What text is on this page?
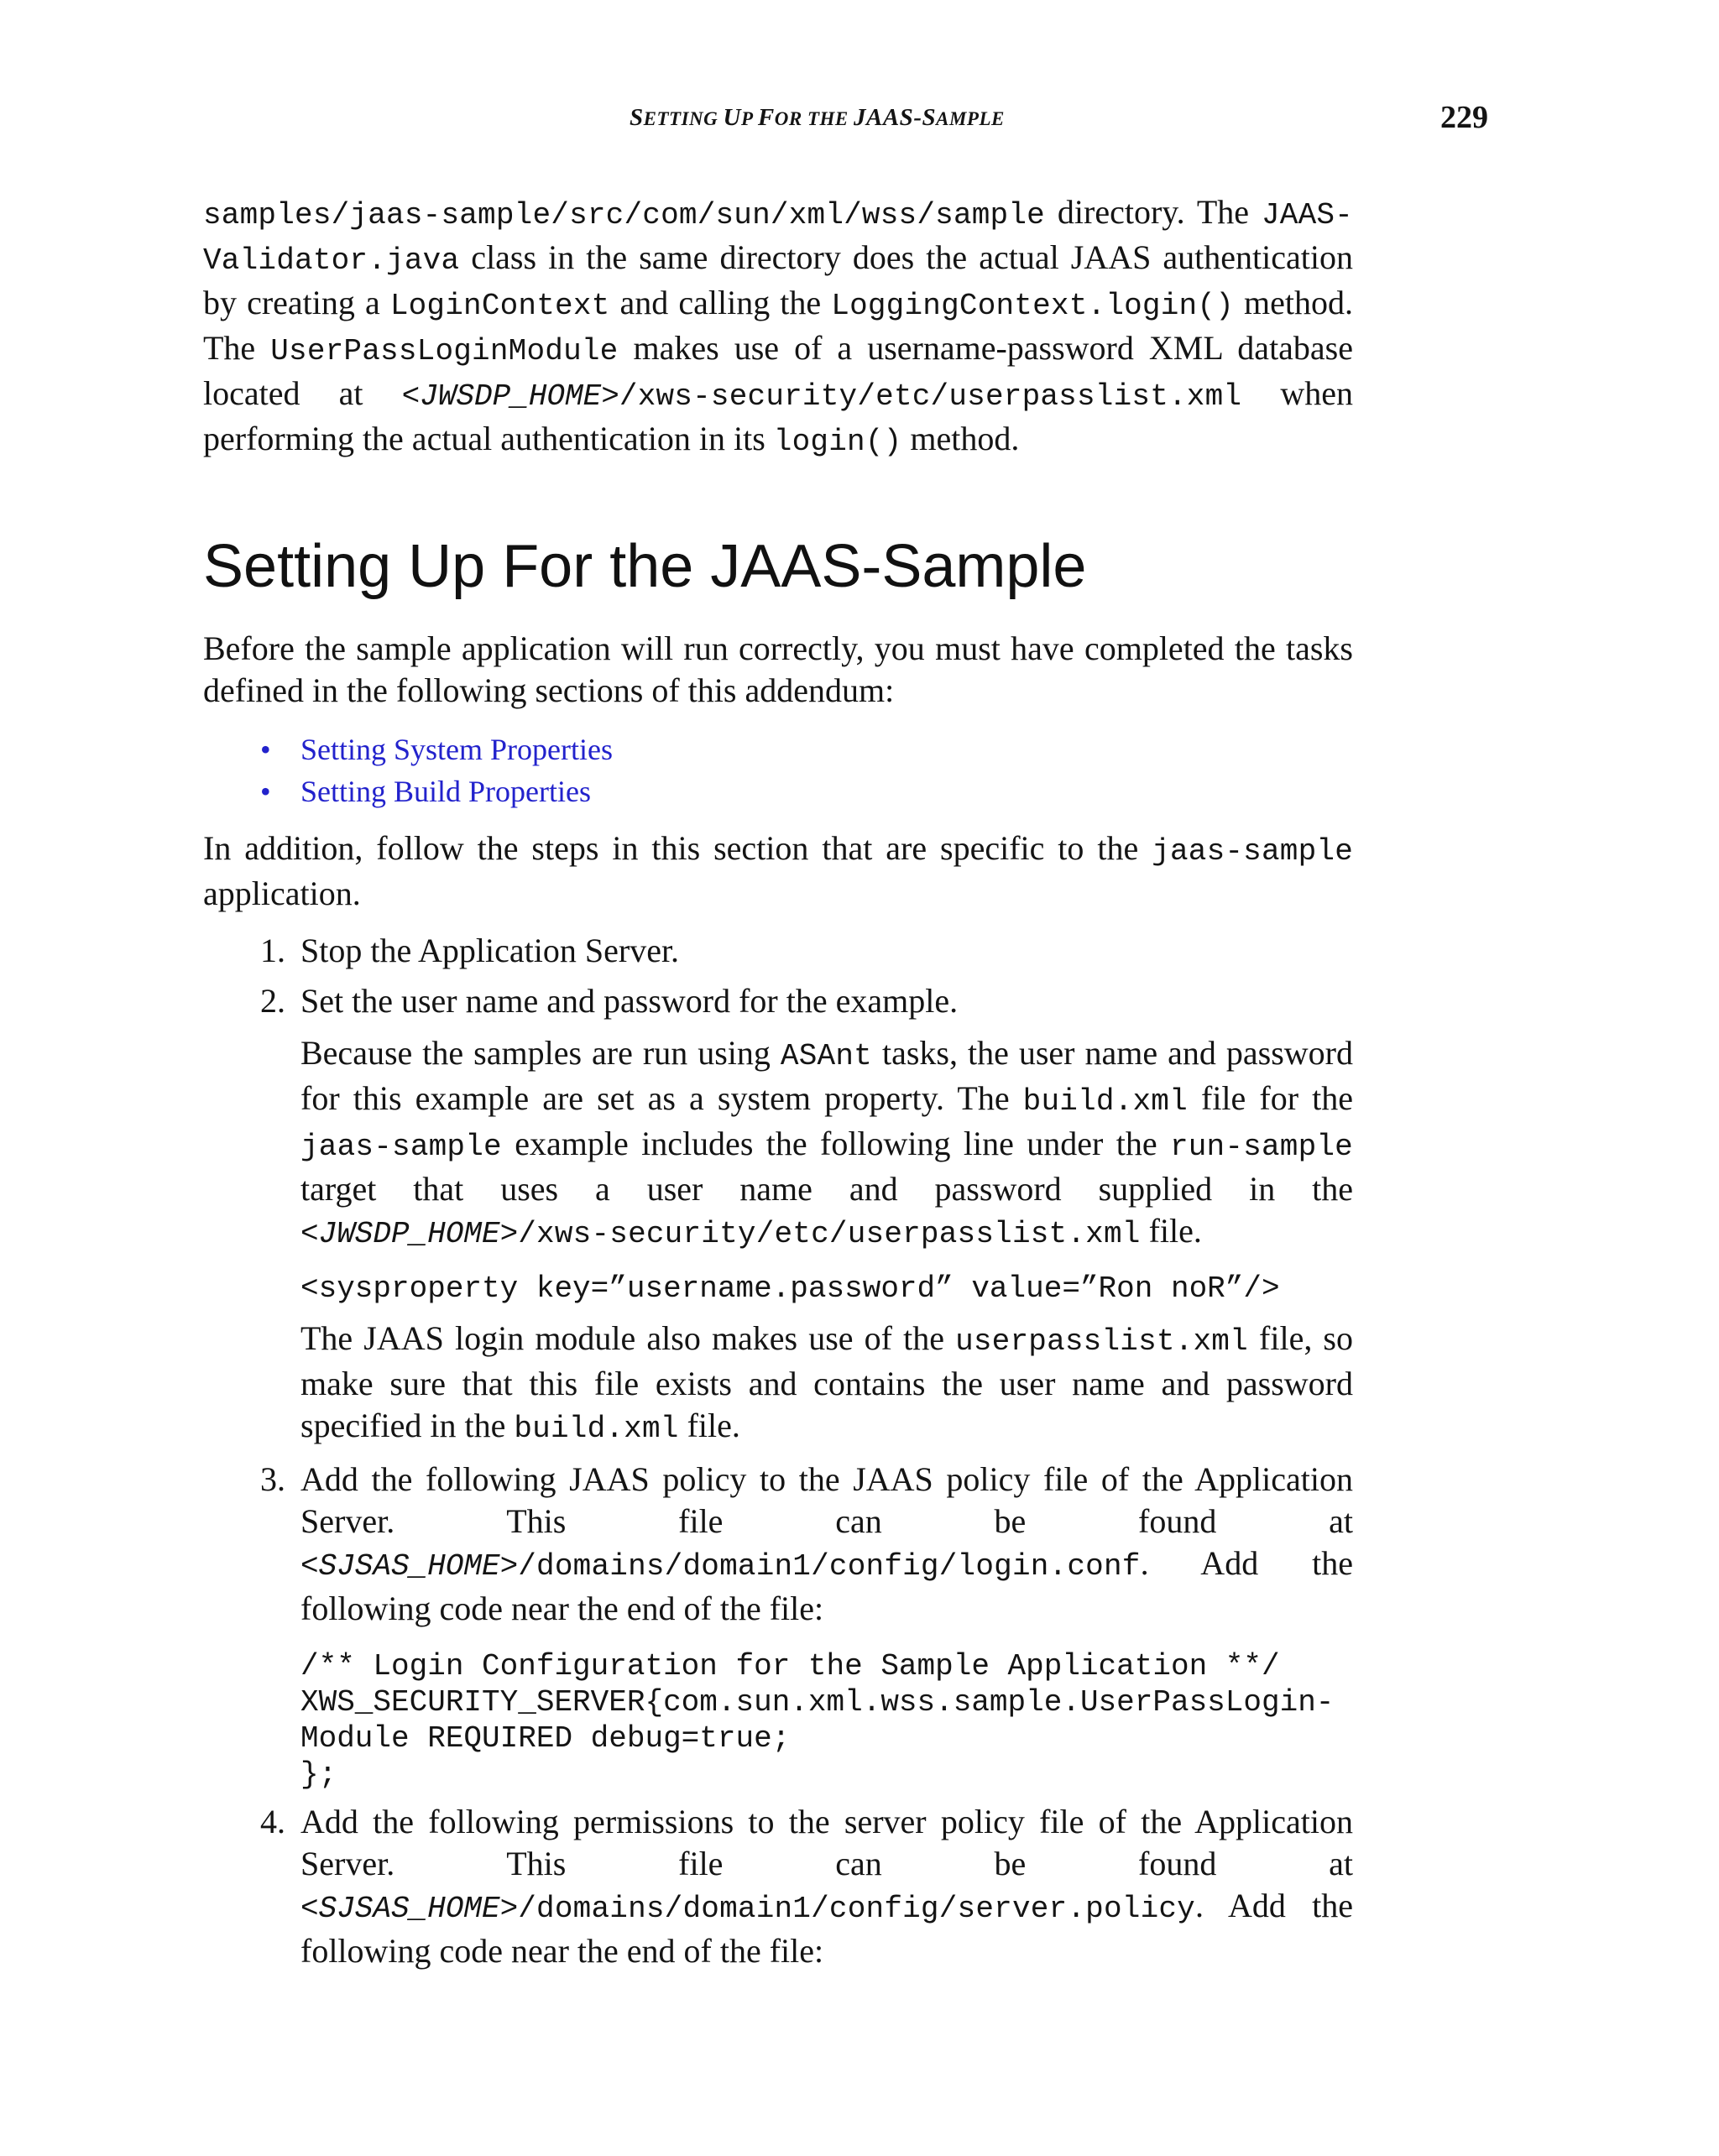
SETTING UP FOR THE JAAS-SAMPLE	229

samples/jaas-sample/src/com/sun/xml/wss/sample directory. The JAAS-Validator.java class in the same directory does the actual JAAS authentication by creating a LoginContext and calling the LoggingContext.login() method. The UserPassLoginModule makes use of a username-password XML database located at <JWSDP_HOME>/xws-security/etc/userpasslist.xml when performing the actual authentication in its login() method.

Setting Up For the JAAS-Sample

Before the sample application will run correctly, you must have completed the tasks defined in the following sections of this addendum:

• Setting System Properties
• Setting Build Properties

In addition, follow the steps in this section that are specific to the jaas-sample application.

1. Stop the Application Server.

2. Set the user name and password for the example.

Because the samples are run using ASAnt tasks, the user name and password for this example are set as a system property. The build.xml file for the jaas-sample example includes the following line under the run-sample target that uses a user name and password supplied in the <JWSDP_HOME>/xws-security/etc/userpasslist.xml file.

<sysproperty key=”username.password” value=”Ron noR”/>

The JAAS login module also makes use of the userpasslist.xml file, so make sure that this file exists and contains the user name and password specified in the build.xml file.

3. Add the following JAAS policy to the JAAS policy file of the Application Server. This file can be found at <SJSAS_HOME>/domains/domain1/config/login.conf. Add the following code near the end of the file:

/** Login Configuration for the Sample Application **/
XWS_SECURITY_SERVER{com.sun.xml.wss.sample.UserPassLogin-
Module REQUIRED debug=true;
};
4. Add the following permissions to the server policy file of the Application Server. This file can be found at <SJSAS_HOME>/domains/domain1/config/server.policy. Add the following code near the end of the file:
